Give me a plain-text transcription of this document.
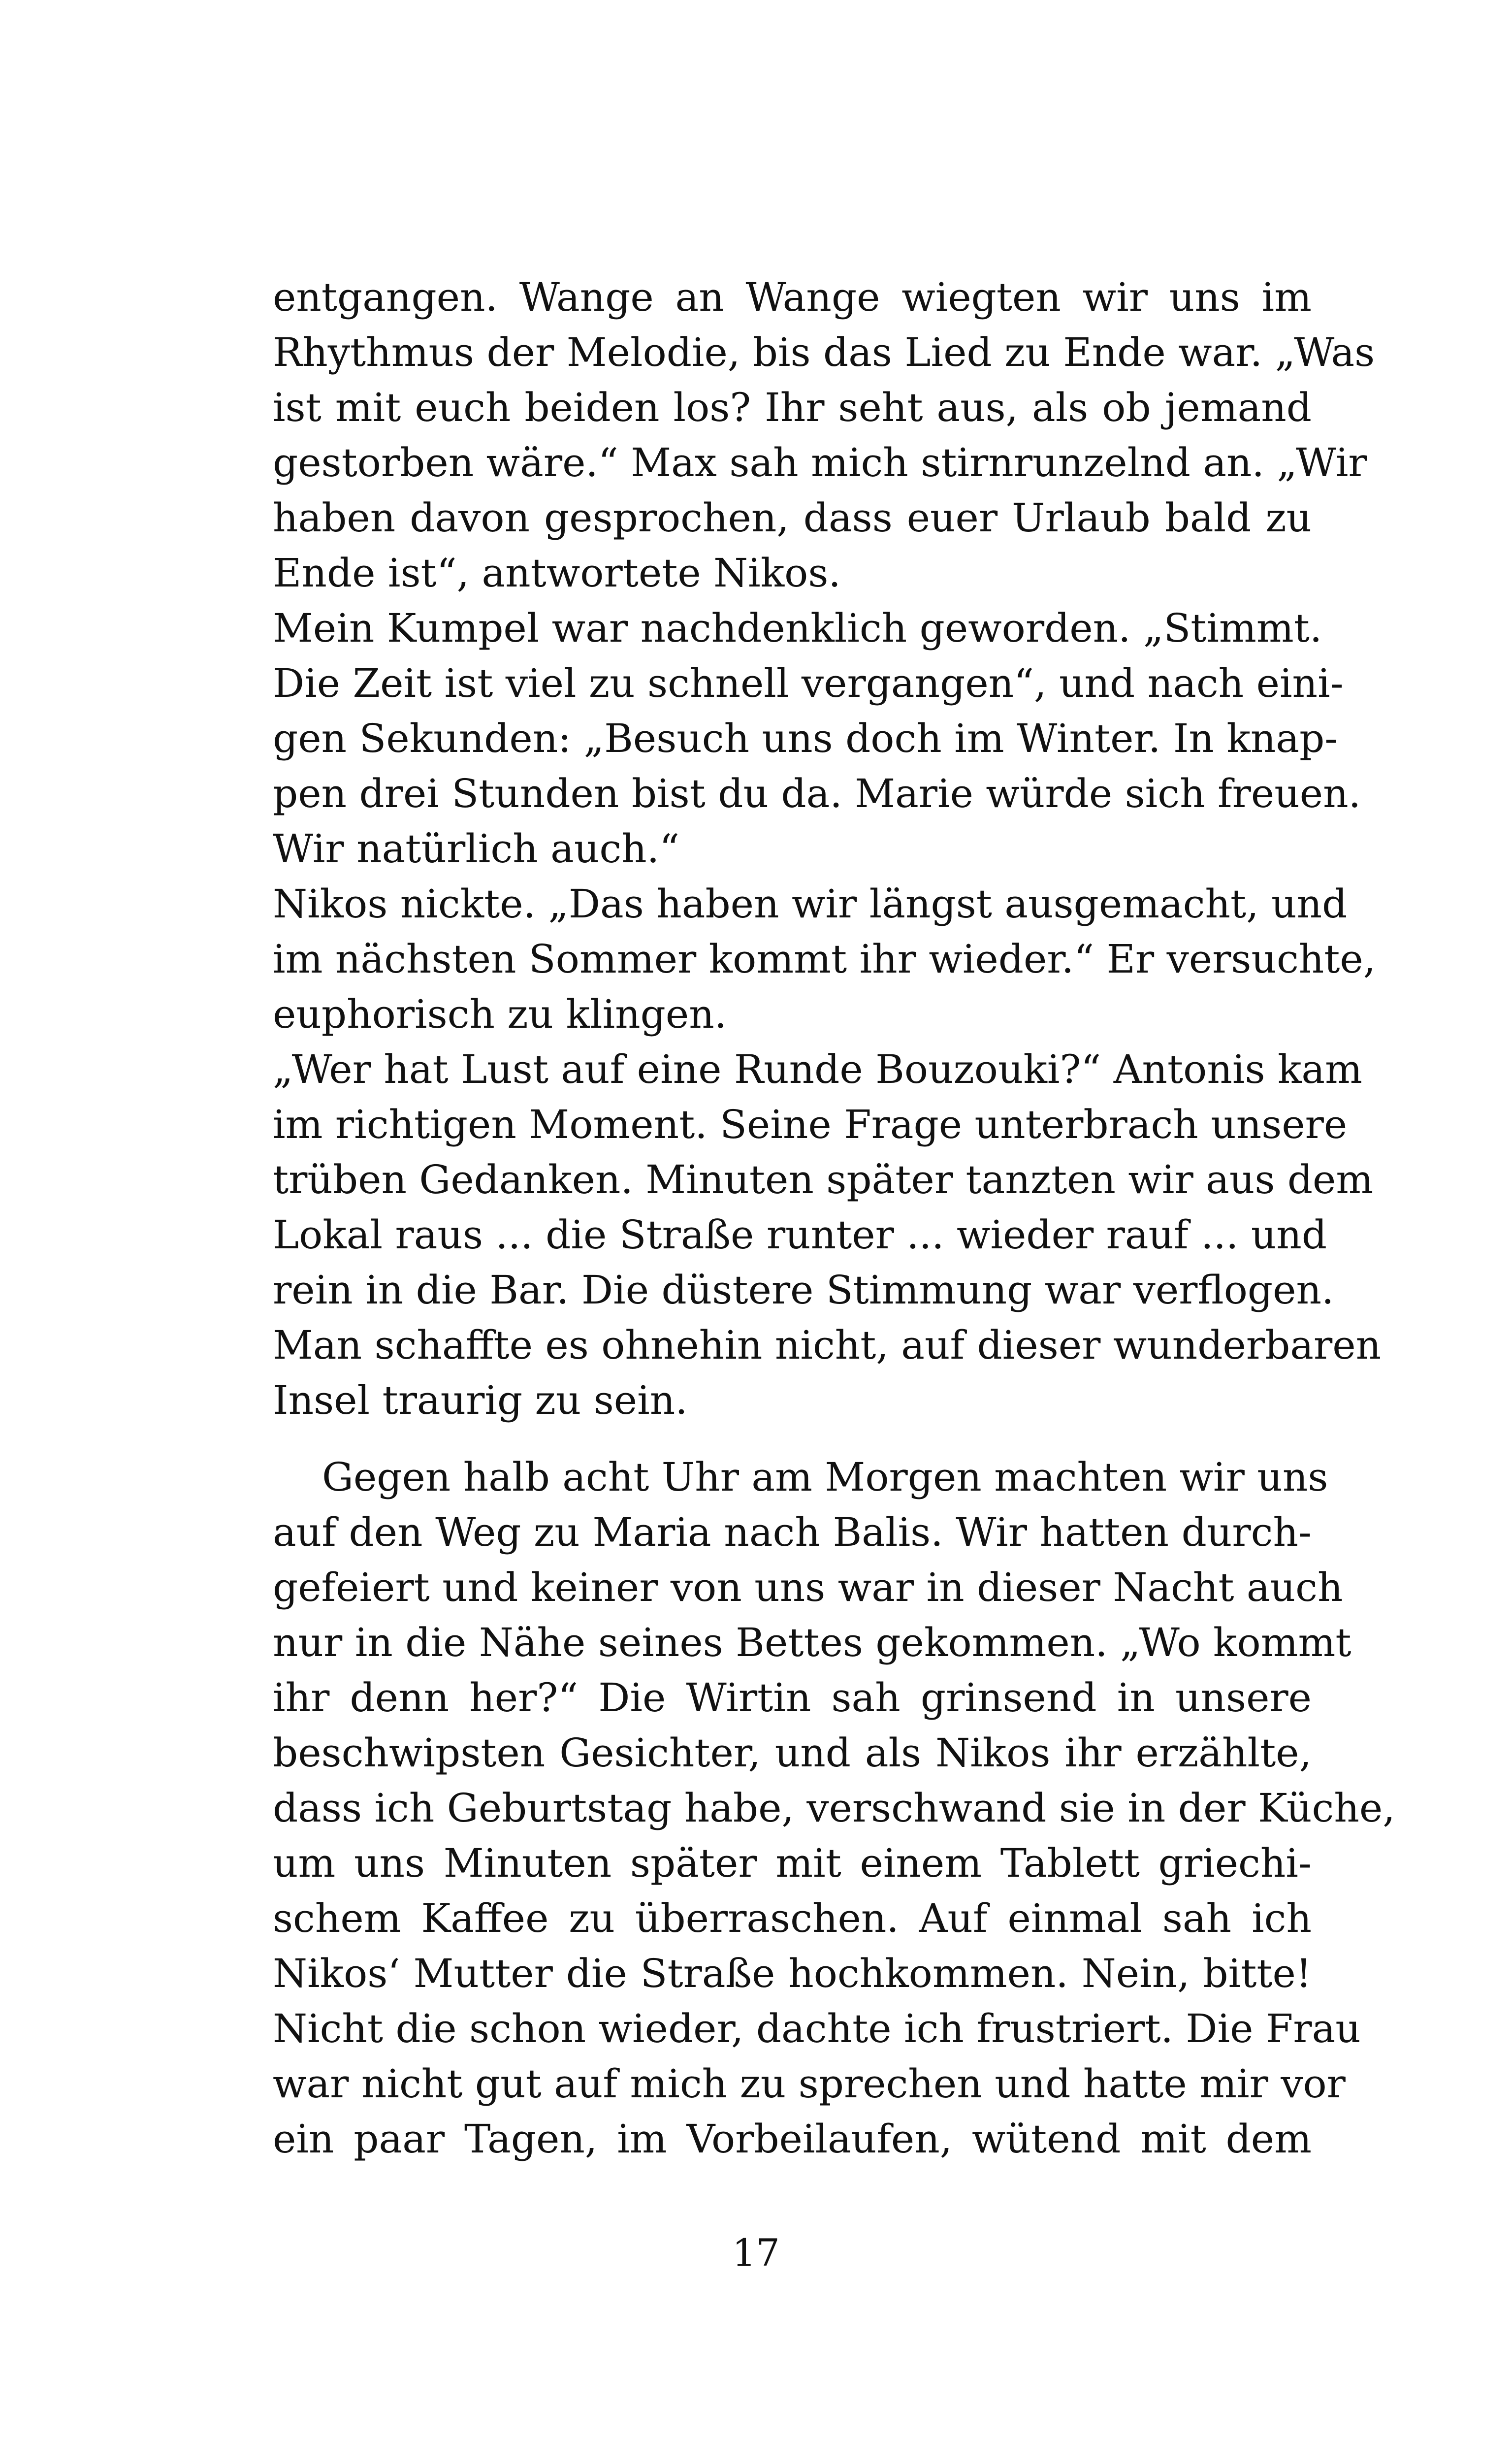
entgangen. Wange an Wange wiegten wir uns im
Rhythmus der Melodie, bis das Lied zu Ende war. „Was
ist mit euch beiden los? Ihr seht aus, als ob jemand
gestorben wäre.“ Max sah mich stirnrunzelnd an. „Wir
haben davon gesprochen, dass euer Urlaub bald zu
Ende ist“, antwortete Nikos.
Mein Kumpel war nachdenklich geworden. „Stimmt.
Die Zeit ist viel zu schnell vergangen“, und nach eini-
gen Sekunden: „Besuch uns doch im Winter. In knap-
pen drei Stunden bist du da. Marie würde sich freuen.
Wir natürlich auch.“
Nikos nickte. „Das haben wir längst ausgemacht, und
im nächsten Sommer kommt ihr wieder.“ Er versuchte,
euphorisch zu klingen.
„Wer hat Lust auf eine Runde Bouzouki?“ Antonis kam
im richtigen Moment. Seine Frage unterbrach unsere
trüben Gedanken. Minuten später tanzten wir aus dem
Lokal raus ... die Straße runter ... wieder rauf ... und
rein in die Bar. Die düstere Stimmung war verflogen.
Man schaffte es ohnehin nicht, auf dieser wunderbaren
Insel traurig zu sein.
Gegen halb acht Uhr am Morgen machten wir uns
auf den Weg zu Maria nach Balis. Wir hatten durch-
gefeiert und keiner von uns war in dieser Nacht auch
nur in die Nähe seines Bettes gekommen. „Wo kommt
ihr denn her?“ Die Wirtin sah grinsend in unsere
beschwipsten Gesichter, und als Nikos ihr erzählte,
dass ich Geburtstag habe, verschwand sie in der Küche,
um uns Minuten später mit einem Tablett griechi-
schem Kaffee zu überraschen. Auf einmal sah ich
Nikos‘ Mutter die Straße hochkommen. Nein, bitte!
Nicht die schon wieder, dachte ich frustriert. Die Frau
war nicht gut auf mich zu sprechen und hatte mir vor
ein paar Tagen, im Vorbeilaufen, wütend mit dem
17
